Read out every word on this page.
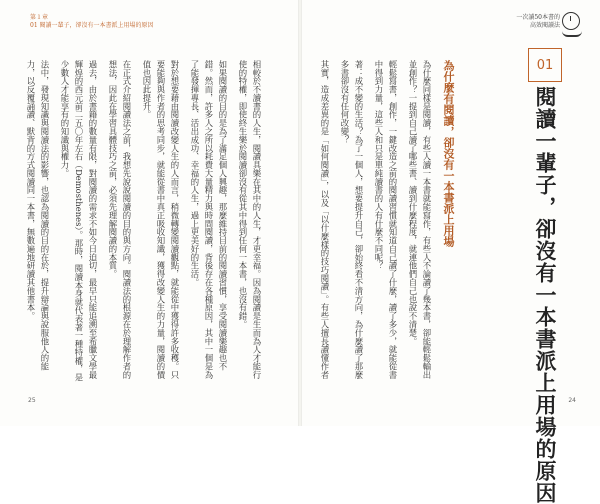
第１章
01 閱讀一輩子，卻沒有一本書派上用場的原因

相較於不讀書的人生，閱讀具樂在其中的人生，才更幸福。因為閱讀是生而為人才能行使的特權，即使終生樂於閱讀卻沒有從其中得到任何一本書，也沒有錯。

如果閱讀的目的是為了滿足個人興趣，那麼維持目前的閱讀習慣，享受閱讀樂趣也不錯。然而，許多人之所以耗費大量精力與時間閱讀，背後存在各種原因，其中一個是為了能發揮專長、活出成功、幸福的人生，過上更美好的生活。

對於想要藉由閱讀改變人生的人而言，稍微轉變閱讀觀點，就能從中獲得許多收穫。只要能夠與作者的思考同步，就能從書中真正吸收知識，獲得改變人生的力量，閱讀的價值也因此提升。

在正式介紹閱讀法之前，我想先說說閱讀的目的與方向。閱讀法的根源在於理解作者的想法，因此在學習具體技巧之前，必須先理解閱讀的本質。

過去，由於書籍的數量有限，對閱讀的需求不如今日迫切，最早只能追溯至希臘文學最輝煌的西元前二五〇年左右（Demosthenes）。那時，閱讀本身就代表著一種特權，是少數人才能享有的知識與權力。

法中，發現知識與閱讀法的影響，也認為閱讀的目的在於，提升辯論與說服他人的能力，以反覆誦讀、默背的方式閱讀同一本書，無數遍地研讀其他書本。

25
一次讀50本書的
高效閱讀法
01
閱讀一輩子，卻沒有一本書派上用場的原因
為什麼有閱讀，卻沒有一本書派上用場

為什麼同樣是閱讀，有些人讀一本書就能寫作，有些人不論讀了幾本書，卻能輕鬆輸出並創作？一提到自己讀了哪些書、讀到什麼程度，就連他們自己也說不清楚。

輕鬆寫書，創作，一鍵改造之前的閱讀習慣就知道自己讀了什麼，讀了多少，就能從書中得到力量，這些人和只是單純讀書的人有什麼不同呢？

著：成不變的生活？為了一個人，想要提升自己，卻始終看不清方向，為什麼讀了那麼多書卻沒有任何改變？

其實，造成差異的是「如何閱讀」，以及「以什麼樣的技巧閱讀」。有些人擅長讀懂作者

24
